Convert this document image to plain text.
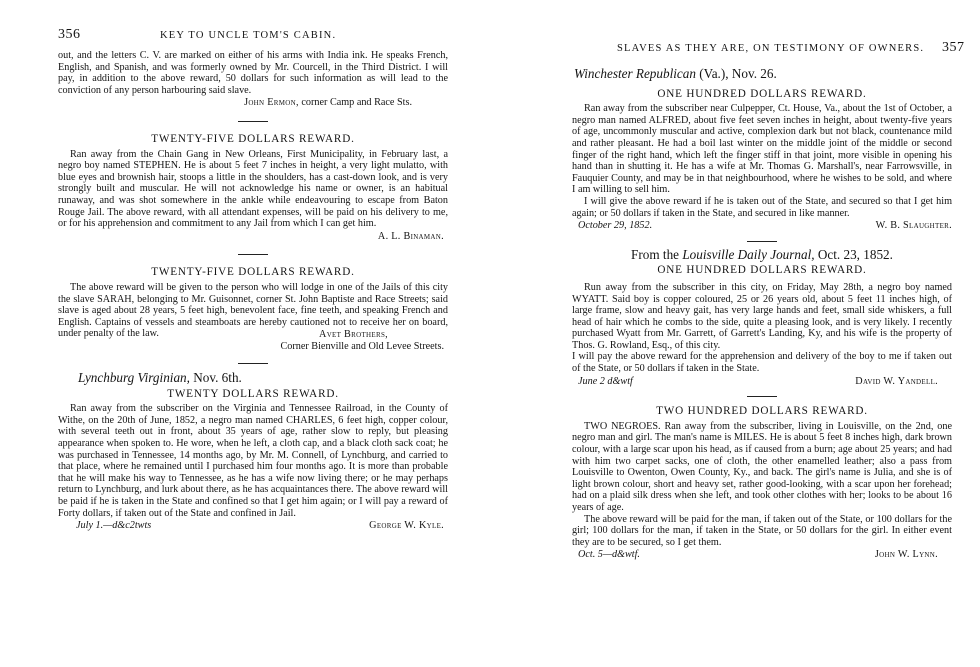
356	KEY TO UNCLE TOM'S CABIN.

out, and the letters C. V. are marked on either of his arms with India ink. He speaks French, English, and Spanish, and was formerly owned by Mr. Courcell, in the Third District. I will pay, in addition to the above reward, 50 dollars for such information as will lead to the conviction of any person harbouring said slave.

John Ermon, corner Camp and Race Sts.

TWENTY-FIVE DOLLARS REWARD.

Ran away from the Chain Gang in New Orleans, First Municipality, in February last, a negro boy named STEPHEN. He is about 5 feet 7 inches in height, a very light mulatto, with blue eyes and brownish hair, stoops a little in the shoulders, has a cast-down look, and is very strongly built and muscular. He will not acknowledge his name or owner, is an habitual runaway, and was shot somewhere in the ankle while endeavouring to escape from Baton Rouge Jail. The above reward, with all attendant expenses, will be paid on his delivery to me, or for his apprehension and commitment to any Jail from which I can get him.

A. L. Binaman.

TWENTY-FIVE DOLLARS REWARD.

The above reward will be given to the person who will lodge in one of the Jails of this city the slave SARAH, belonging to Mr. Guisonnet, corner St. John Baptiste and Race Streets; said slave is aged about 28 years, 5 feet high, benevolent face, fine teeth, and speaking French and English. Captains of vessels and steamboats are hereby cautioned not to receive her on board, under penalty of the law.	Avet Brothers,

Corner Bienville and Old Levee Streets.

Lynchburg Virginian, Nov. 6th.

TWENTY DOLLARS REWARD.

Ran away from the subscriber on the Virginia and Tennessee Railroad, in the County of Withe, on the 20th of June, 1852, a negro man named CHARLES, 6 feet high, copper colour, with several teeth out in front, about 35 years of age, rather slow to reply, but pleasing appearance when spoken to. He wore, when he left, a cloth cap, and a black cloth sack coat; he was purchased in Tennessee, 14 months ago, by Mr. M. Connell, of Lynchburg, and carried to that place, where he remained until I purchased him four months ago. It is more than probable that he will make his way to Tennessee, as he has a wife now living there; or he may perhaps return to Lynchburg, and lurk about there, as he has acquaintances there. The above reward will be paid if he is taken in the State and confined so that I get him again; or I will pay a reward of Forty dollars, if taken out of the State and confined in Jail.

July 1.—d&c2twts	George W. Kyle.
SLAVES AS THEY ARE, ON TESTIMONY OF OWNERS. 357

Winchester Republican (Va.), Nov. 26.

ONE HUNDRED DOLLARS REWARD.

Ran away from the subscriber near Culpepper, Ct. House, Va., about the 1st of October, a negro man named ALFRED, about five feet seven inches in height, about twenty-five years of age, uncommonly muscular and active, complexion dark but not black, countenance mild and rather pleasant. He had a boil last winter on the middle joint of the middle or second finger of the right hand, which left the finger stiff in that joint, more visible in opening his hand than in shutting it. He has a wife at Mr. Thomas G. Marshall's, near Farrowsville, in Fauquier County, and may be in that neighbourhood, where he wishes to be sold, and where I am willing to sell him.

I will give the above reward if he is taken out of the State, and secured so that I get him again; or 50 dollars if taken in the State, and secured in like manner.

October 29, 1852.	W. B. Slaughter.

From the Louisville Daily Journal, Oct. 23, 1852.

ONE HUNDRED DOLLARS REWARD.

Run away from the subscriber in this city, on Friday, May 28th, a negro boy named WYATT. Said boy is copper coloured, 25 or 26 years old, about 5 feet 11 inches high, of large frame, slow and heavy gait, has very large hands and feet, small side whiskers, a full head of hair which he combs to the side, quite a pleasing look, and is very likely. I recently purchased Wyatt from Mr. Garrett, of Garrett's Landing, Ky, and his wife is the property of Thos. G. Rowland, Esq., of this city.

I will pay the above reward for the apprehension and delivery of the boy to me if taken out of the State, or 50 dollars if taken in the State.

June 2 d&wtf	David W. Yandell.

TWO HUNDRED DOLLARS REWARD.

TWO NEGROES. Ran away from the subscriber, living in Louisville, on the 2nd, one negro man and girl. The man's name is MILES. He is about 5 feet 8 inches high, dark brown colour, with a large scar upon his head, as if caused from a burn; age about 25 years; and had with him two carpet sacks, one of cloth, the other enamelled leather; also a pass from Louisville to Owenton, Owen County, Ky., and back. The girl's name is Julia, and she is of light brown colour, short and heavy set, rather good-looking, with a scar upon her forehead; had on a plaid silk dress when she left, and took other clothes with her; looks to be about 16 years of age.

The above reward will be paid for the man, if taken out of the State, or 100 dollars for the girl; 100 dollars for the man, if taken in the State, or 50 dollars for the girl. In either event they are to be secured, so I get them.

Oct. 5—d&wtf.	John W. Lynn.
